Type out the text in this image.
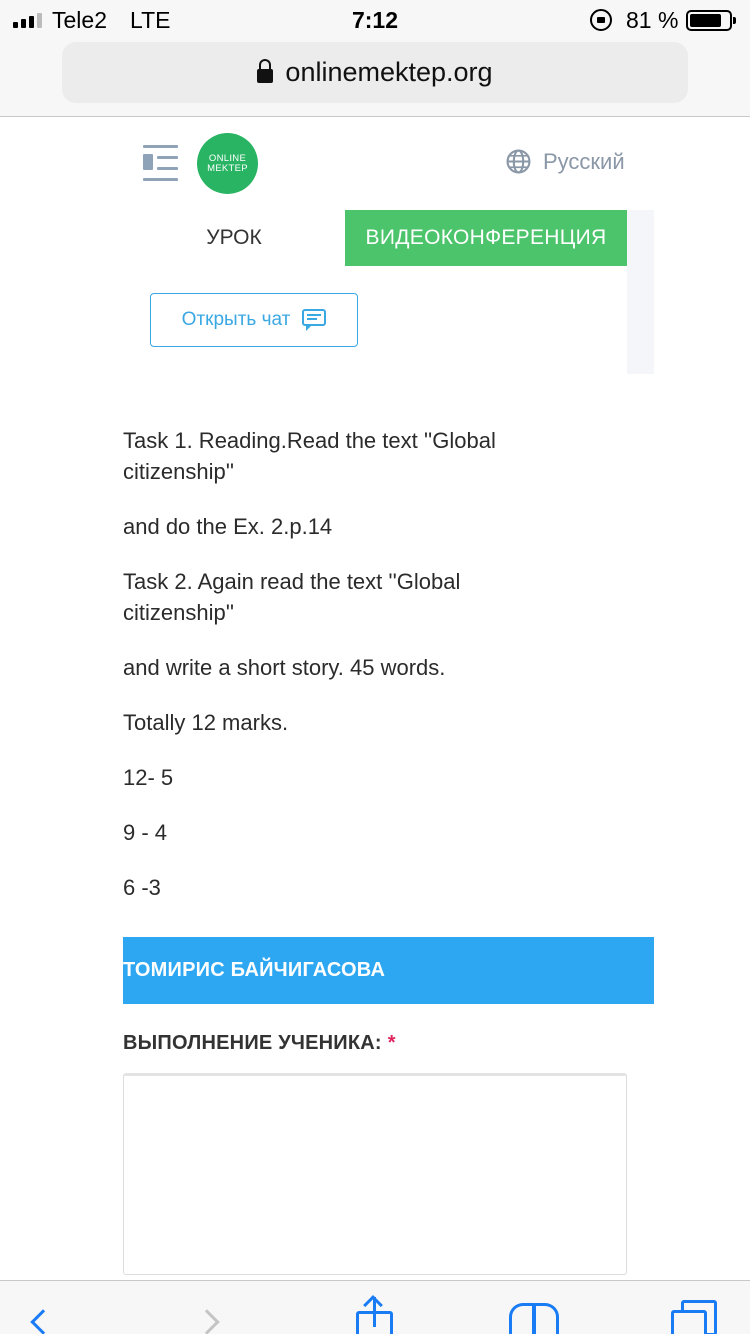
Tele2 LTE	7:12	81 %
onlinemektep.org
ONLINE
MEKTEP	Русский
УРОК	ВИДЕОКОНФЕРЕНЦИЯ
Открыть чат

Task 1. Reading.Read the text ''Global citizenship''

and do the Ex. 2.p.14

Task 2. Again read the text ''Global citizenship''

and write a short story. 45 words.

Totally 12 marks.

12- 5

9 - 4

6 -3

ТОМИРИС БАЙЧИГАСОВА
ВЫПОЛНЕНИЕ УЧЕНИКА: *
